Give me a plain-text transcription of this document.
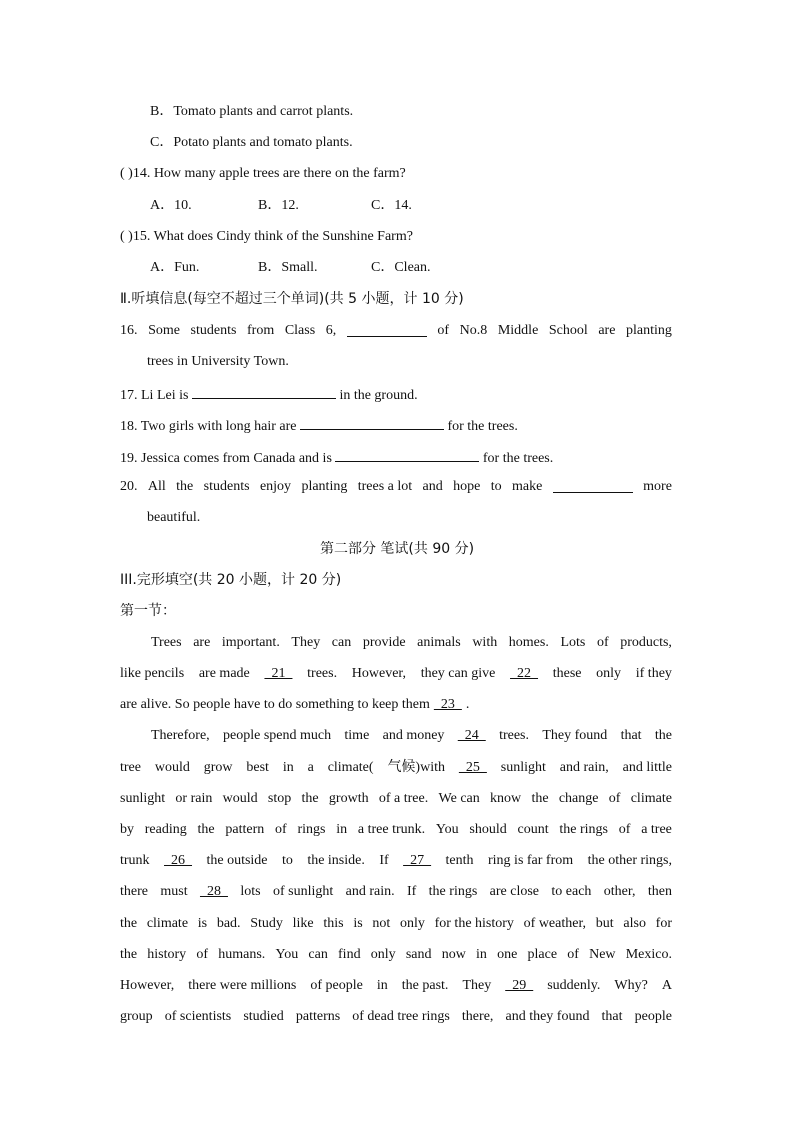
B．Tomato plants and carrot plants.
C．Potato plants and tomato plants.
( )14. How many apple trees are there on the farm?
A．10.	B．12.	C．14.
( )15. What does Cindy think of the Sunshine Farm?
A．Fun.	B．Small.	C．Clean.
Ⅱ.听填信息(每空不超过三个单词)(共 5 小题，计 10 分)
16. Some students from Class 6,	of No.8 Middle School are planting
trees in University Town.
17. Li Lei is	in the ground.
18. Two girls with long hair are	for the trees.
19. Jessica comes from Canada and is	for the trees.
20. All the students enjoy planting trees a lot and hope to make	more
beautiful.
第二部分 笔试(共 90 分)
III.完形填空(共 20 小题，计 20 分)
第一节：
Trees are important. They can provide animals with homes. Lots of products,
like pencils are made 21 trees. However, they can give 22 these only if they
are alive. So people have to do something to keep them  23  .
Therefore, people spend much time and money 24 trees. They found that the
tree would grow best in a climate( 气候)with 25 sunlight and rain, and little
sunlight or rain would stop the growth of a tree. We can know the change of climate
by reading the pattern of rings in a tree trunk. You should count the rings of a tree
trunk 26 the outside to the inside. If 27 tenth ring is far from the other rings,
there must 28 lots of sunlight and rain. If the rings are close to each other, then
the climate is bad. Study like this is not only for the history of weather, but also for
the history of humans. You can find only sand now in one place of New Mexico.
However, there were millions of people in the past. They 29 suddenly. Why? A
group of scientists studied patterns of dead tree rings there, and they found that people
